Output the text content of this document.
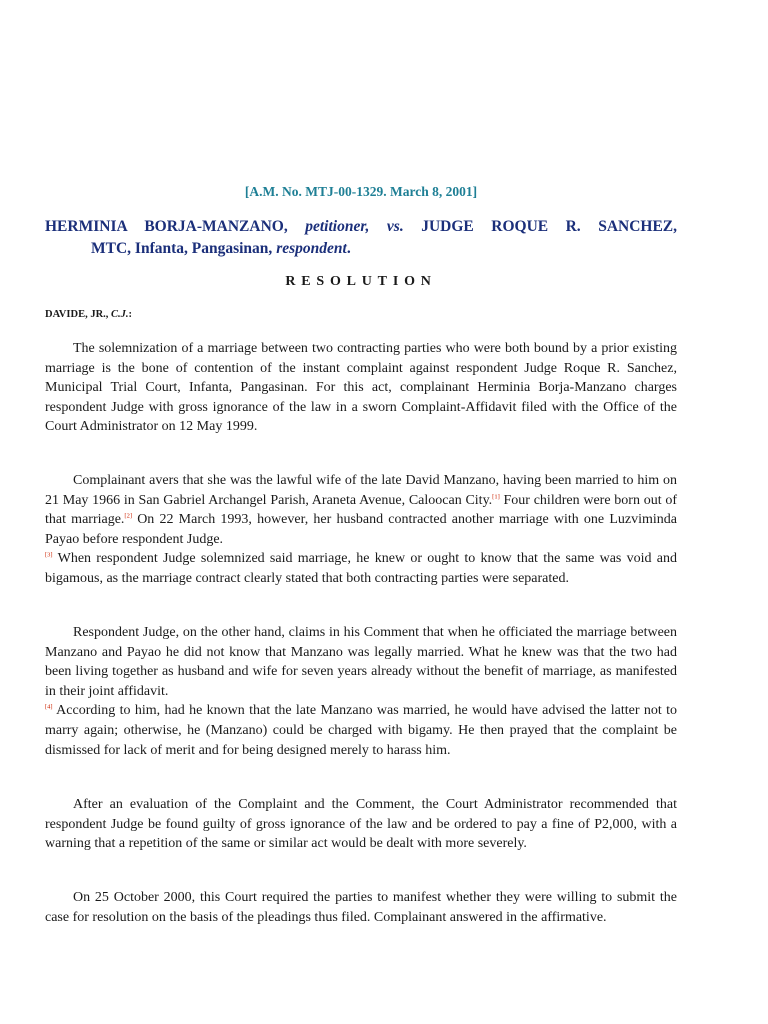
[A.M. No. MTJ-00-1329. March 8, 2001]
HERMINIA BORJA-MANZANO, petitioner, vs. JUDGE ROQUE R. SANCHEZ,
MTC, Infanta, Pangasinan, respondent.
RESOLUTION
DAVIDE, JR., C.J.:

The solemnization of a marriage between two contracting parties who were both bound by a prior existing marriage is the bone of contention of the instant complaint against respondent Judge Roque R. Sanchez, Municipal Trial Court, Infanta, Pangasinan. For this act, complainant Herminia Borja-Manzano charges respondent Judge with gross ignorance of the law in a sworn Complaint-Affidavit filed with the Office of the Court Administrator on 12 May 1999.

Complainant avers that she was the lawful wife of the late David Manzano, having been married to him on 21 May 1966 in San Gabriel Archangel Parish, Araneta Avenue, Caloocan City.[1] Four children were born out of that marriage.[2] On 22 March 1993, however, her husband contracted another marriage with one Luzviminda Payao before respondent Judge.
[3] When respondent Judge solemnized said marriage, he knew or ought to know that the same was void and bigamous, as the marriage contract clearly stated that both contracting parties were separated.

Respondent Judge, on the other hand, claims in his Comment that when he officiated the marriage between Manzano and Payao he did not know that Manzano was legally married. What he knew was that the two had been living together as husband and wife for seven years already without the benefit of marriage, as manifested in their joint affidavit.
[4] According to him, had he known that the late Manzano was married, he would have advised the latter not to marry again; otherwise, he (Manzano) could be charged with bigamy. He then prayed that the complaint be dismissed for lack of merit and for being designed merely to harass him.

After an evaluation of the Complaint and the Comment, the Court Administrator recommended that respondent Judge be found guilty of gross ignorance of the law and be ordered to pay a fine of P2,000, with a warning that a repetition of the same or similar act would be dealt with more severely.

On 25 October 2000, this Court required the parties to manifest whether they were willing to submit the case for resolution on the basis of the pleadings thus filed. Complainant answered in the affirmative.
